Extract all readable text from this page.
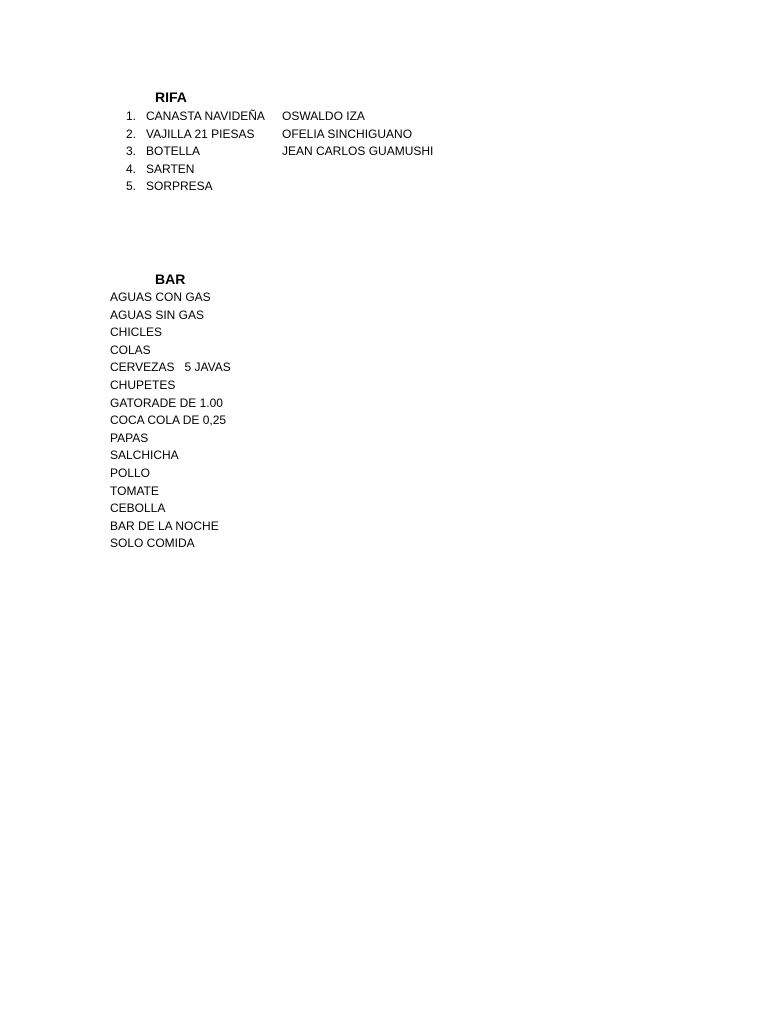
RIFA
1. CANASTA NAVIDEÑA	OSWALDO IZA
2. VAJILLA 21 PIESAS	OFELIA SINCHIGUANO
3. BOTELLA	JEAN CARLOS GUAMUSHI
4. SARTEN
5. SORPRESA
BAR
AGUAS CON GAS
AGUAS SIN GAS
CHICLES
COLAS
CERVEZAS   5 JAVAS
CHUPETES
GATORADE DE 1.00
COCA COLA DE 0,25
PAPAS
SALCHICHA
POLLO
TOMATE
CEBOLLA
BAR DE LA NOCHE
SOLO COMIDA
